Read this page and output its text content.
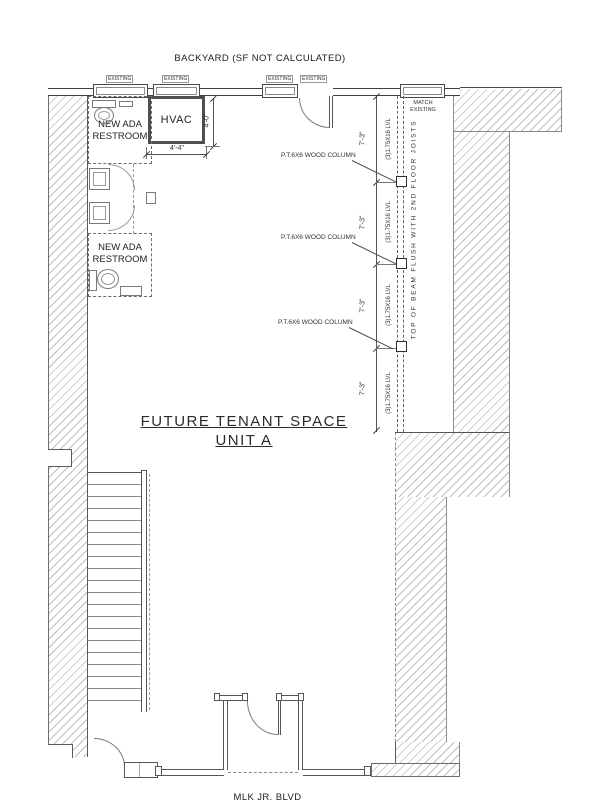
BACKYARD (SF NOT CALCULATED)
MLK JR. BLVD
EXISTING	EXISTING	EXISTING	EXISTING
MATCH
EXISTING
HVAC
4'-4"
4'-0"
NEW ADA
RESTROOM
NEW ADA
RESTROOM
7'-3"
7'-3"
7'-3"
7'-3"
(3)1.75X16 LVL
(3)1.75X16 LVL
(3)1.75X16 LVL
(3)1.75X16 LVL
TOP OF BEAM FLUSH WITH 2ND FLOOR JOISTS
P.T.6X6 WOOD COLUMN
P.T.6X6 WOOD COLUMN
P.T.6X6 WOOD COLUMN
FUTURE TENANT SPACE
UNIT A
